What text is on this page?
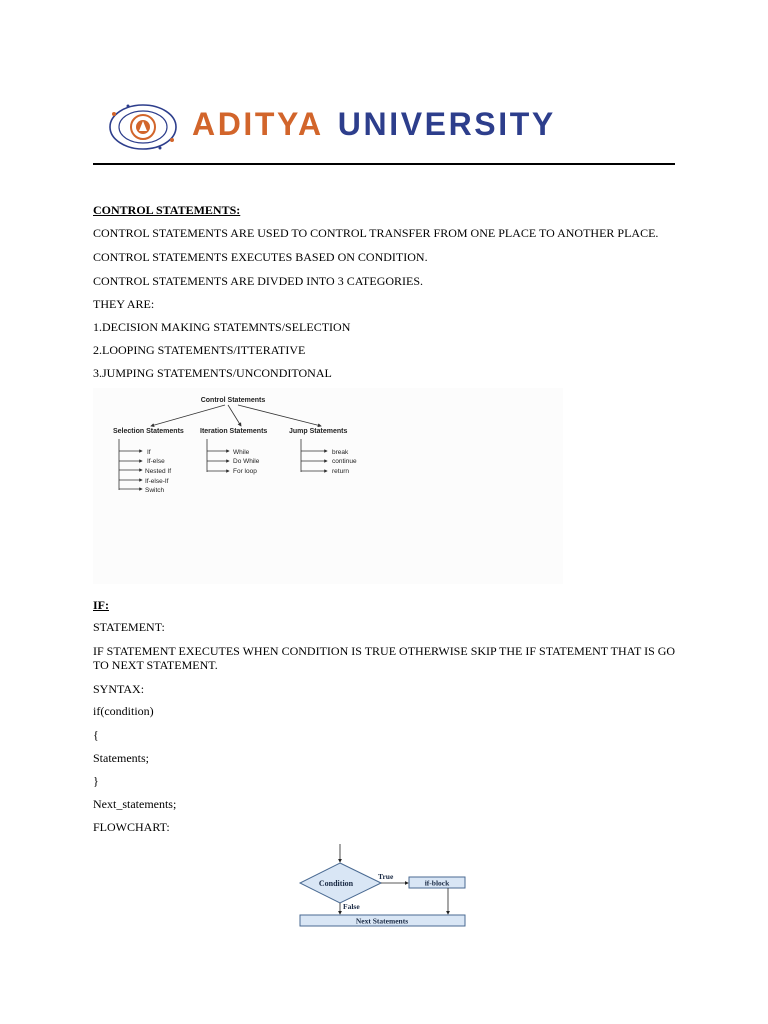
ADITYA UNIVERSITY
CONTROL STATEMENTS:
CONTROL STATEMENTS ARE USED TO CONTROL TRANSFER FROM ONE PLACE TO ANOTHER PLACE.
CONTROL STATEMENTS EXECUTES BASED ON CONDITION.
CONTROL STATEMENTS ARE DIVDED INTO 3 CATEGORIES.
THEY ARE:
1.DECISION MAKING STATEMNTS/SELECTION
2.LOOPING STATEMENTS/ITTERATIVE
3.JUMPING STATEMENTS/UNCONDITONAL
Control Statements
Selection Statements Iteration Statements	Jump Statements
If
If-else
Nested If
If-else-If
Switch
While
Do While
For loop
break
continue
return
IF:
STATEMENT:
IF STATEMENT EXECUTES WHEN CONDITION IS TRUE OTHERWISE SKIP THE IF STATEMENT THAT IS GO TO NEXT STATEMENT.
SYNTAX:
if(condition)
{
Statements;
}
Next_statements;
FLOWCHART:
Condition
True
if-block
False
Next Statements
